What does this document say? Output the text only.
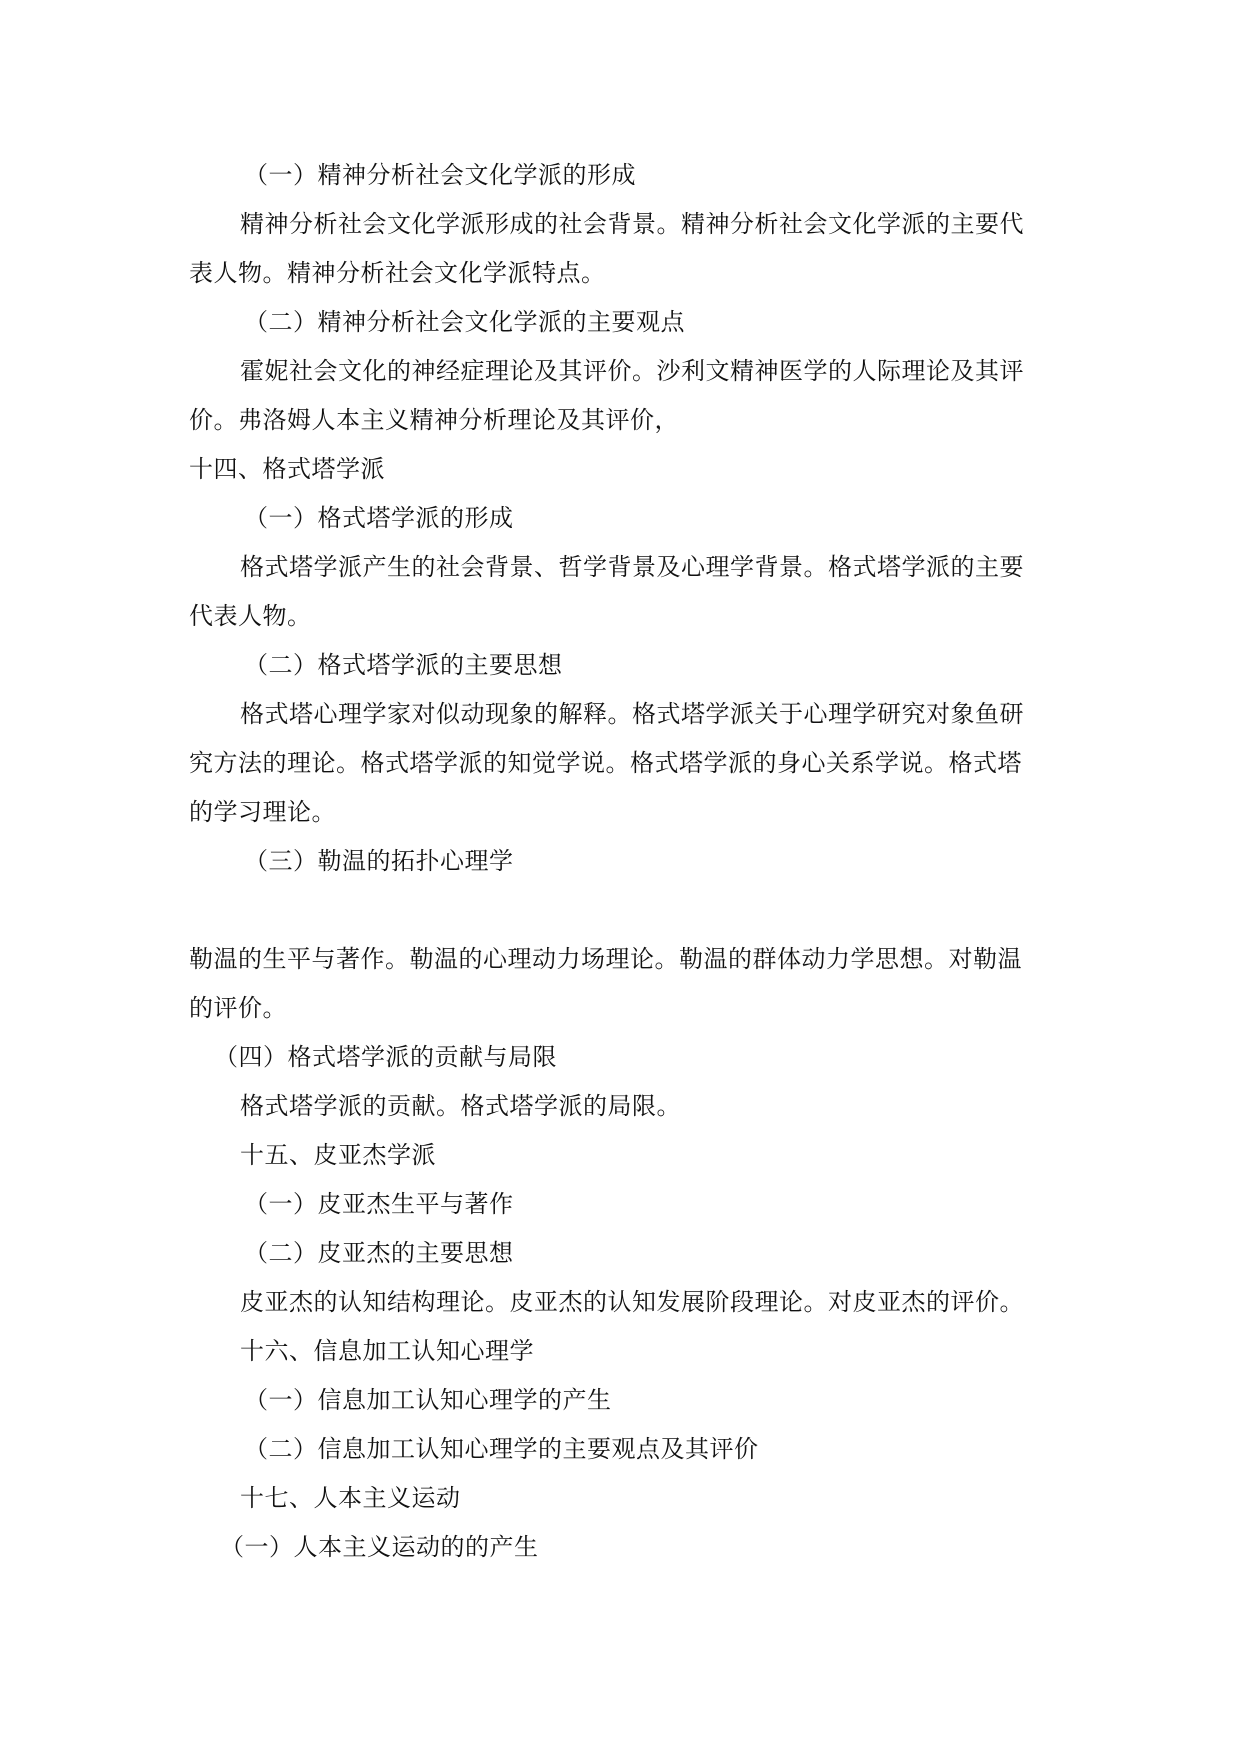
（一）精神分析社会文化学派的形成
精神分析社会文化学派形成的社会背景。精神分析社会文化学派的主要代
表人物。精神分析社会文化学派特点。
（二）精神分析社会文化学派的主要观点
霍妮社会文化的神经症理论及其评价。沙利文精神医学的人际理论及其评
价。弗洛姆人本主义精神分析理论及其评价，
十四、格式塔学派
（一）格式塔学派的形成
格式塔学派产生的社会背景、哲学背景及心理学背景。格式塔学派的主要
代表人物。
（二）格式塔学派的主要思想
格式塔心理学家对似动现象的解释。格式塔学派关于心理学研究对象鱼研
究方法的理论。格式塔学派的知觉学说。格式塔学派的身心关系学说。格式塔
的学习理论。
（三）勒温的拓扑心理学
勒温的生平与著作。勒温的心理动力场理论。勒温的群体动力学思想。对勒温
的评价。
（四）格式塔学派的贡献与局限
格式塔学派的贡献。格式塔学派的局限。
十五、皮亚杰学派
（一）皮亚杰生平与著作
（二）皮亚杰的主要思想
皮亚杰的认知结构理论。皮亚杰的认知发展阶段理论。对皮亚杰的评价。
十六、信息加工认知心理学
（一）信息加工认知心理学的产生
（二）信息加工认知心理学的主要观点及其评价
十七、人本主义运动
（一）人本主义运动的的产生
